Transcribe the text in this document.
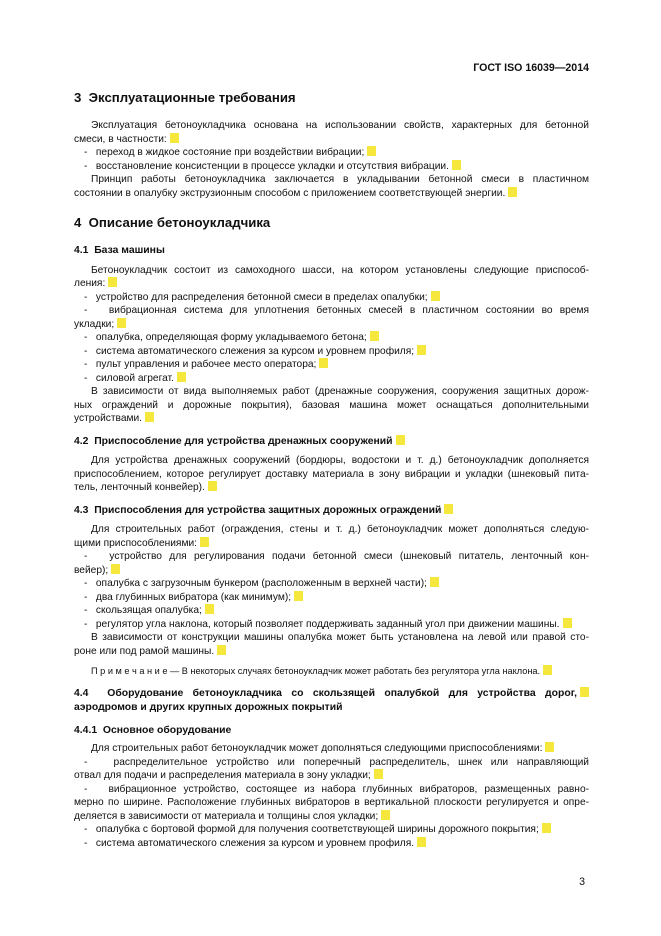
ГОСТ ISO 16039—2014
3  Эксплуатационные требования
Эксплуатация бетоноукладчика основана на использовании свойств, характерных для бетонной
смеси, в частности:
-   переход в жидкое состояние при воздействии вибрации;
-   восстановление консистенции в процессе укладки и отсутствия вибрации.
Принцип работы бетоноукладчика заключается в укладывании бетонной смеси в пластичном
состоянии в опалубку экструзионным способом с приложением соответствующей энергии.
4  Описание бетоноукладчика
4.1  База машины
Бетоноукладчик состоит из самоходного шасси, на котором установлены следующие приспособ-
ления:
-   устройство для распределения бетонной смеси в пределах опалубки;
-   вибрационная система для уплотнения бетонных смесей в пластичном состоянии во время
укладки;
-   опалубка, определяющая форму укладываемого бетона;
-   система автоматического слежения за курсом и уровнем профиля;
-   пульт управления и рабочее место оператора;
-   силовой агрегат.
В зависимости от вида выполняемых работ (дренажные сооружения, сооружения защитных дорож-
ных ограждений и дорожные покрытия), базовая машина может оснащаться дополнительными
устройствами.
4.2  Приспособление для устройства дренажных сооружений
Для устройства дренажных сооружений (бордюры, водостоки и т. д.) бетоноукладчик дополняется
приспособлением, которое регулирует доставку материала в зону вибрации и укладки (шнековый пита-
тель, ленточный конвейер).
4.3  Приспособления для устройства защитных дорожных ограждений
Для строительных работ (ограждения, стены и т. д.) бетоноукладчик может дополняться следую-
щими приспособлениями:
-   устройство для регулирования подачи бетонной смеси (шнековый питатель, ленточный кон-
вейер);
-   опалубка с загрузочным бункером (расположенным в верхней части);
-   два глубинных вибратора (как минимум);
-   скользящая опалубка;
-   регулятор угла наклона, который позволяет поддерживать заданный угол при движении машины.
В зависимости от конструкции машины опалубка может быть установлена на левой или правой сто-
роне или под рамой машины.
П р и м е ч а н и е — В некоторых случаях бетоноукладчик может работать без регулятора угла наклона.
4.4  Оборудование бетоноукладчика со скользящей опалубкой для устройства дорог,
аэродромов и других крупных дорожных покрытий
4.4.1  Основное оборудование
Для строительных работ бетоноукладчик может дополняться следующими приспособлениями:
-   распределительное устройство или поперечный распределитель, шнек или направляющий
отвал для подачи и распределения материала в зону укладки;
-   вибрационное устройство, состоящее из набора глубинных вибраторов, размещенных равно-
мерно по ширине. Расположение глубинных вибраторов в вертикальной плоскости регулируется и опре-
деляется в зависимости от материала и толщины слоя укладки;
-   опалубка с бортовой формой для получения соответствующей ширины дорожного покрытия;
-   система автоматического слежения за курсом и уровнем профиля.
3
